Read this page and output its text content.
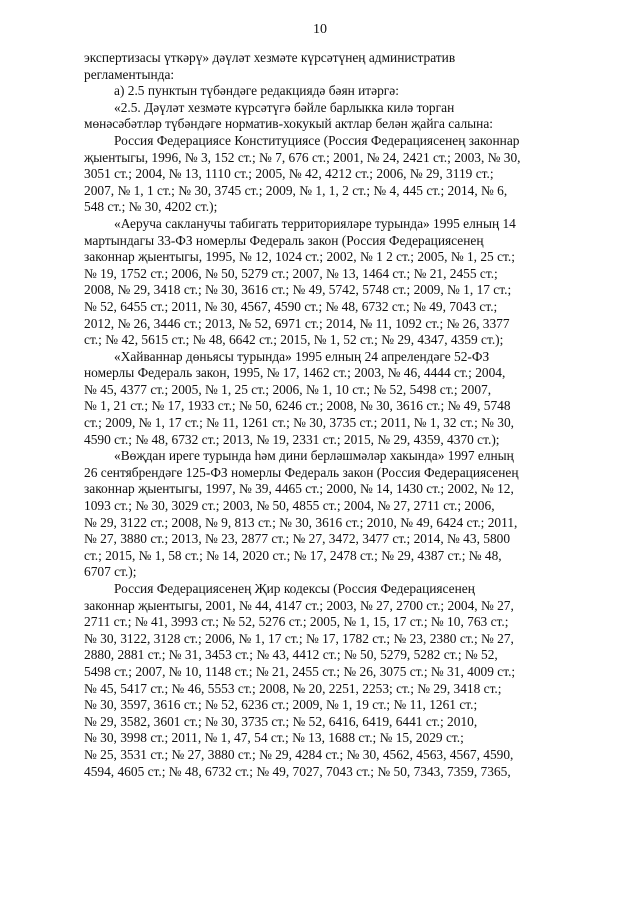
10

экспертизасы үткәрү» дәүләт хезмәте күрсәтүнең административ
регламентында:

а) 2.5 пунктын түбәндәге редакциядә бәян итәргә:

«2.5. Дәүләт хезмәте күрсәтүгә бәйле барлыкка килә торган
мөнәсәбәтләр түбәндәге норматив-хокукый актлар белән җайга салына:

Россия Федерациясе Конституциясе (Россия Федерациясенең законнар
җыентыгы, 1996, № 3, 152 ст.; № 7, 676 ст.; 2001, № 24, 2421 ст.; 2003, № 30,
3051 ст.; 2004, № 13, 1110 ст.; 2005, № 42, 4212 ст.; 2006, № 29, 3119 ст.;
2007, № 1, 1 ст.; № 30, 3745 ст.; 2009, № 1, 1, 2 ст.; № 4, 445 ст.; 2014, № 6,
548 ст.; № 30, 4202 ст.);

«Аеруча сакланучы табигать территорияләре турында» 1995 елның 14
мартындагы 33-ФЗ номерлы Федераль закон (Россия Федерациясенең
законнар җыентыгы, 1995, № 12, 1024 ст.; 2002, № 1 2 ст.; 2005, № 1, 25 ст.;
№ 19, 1752 ст.; 2006, № 50, 5279 ст.; 2007, № 13, 1464 ст.; № 21, 2455 ст.;
2008, № 29, 3418 ст.; № 30, 3616 ст.; № 49, 5742, 5748 ст.; 2009, № 1, 17 ст.;
№ 52, 6455 ст.; 2011, № 30, 4567, 4590 ст.; № 48, 6732 ст.; № 49, 7043 ст.;
2012, № 26, 3446 ст.; 2013, № 52, 6971 ст.; 2014, № 11, 1092 ст.; № 26, 3377
ст.; № 42, 5615 ст.; № 48, 6642 ст.; 2015, № 1, 52 ст.; № 29, 4347, 4359 ст.);

«Хайваннар дөньясы турында» 1995 елның 24 апрелендәге 52-ФЗ
номерлы Федераль закон, 1995, № 17, 1462 ст.; 2003, № 46, 4444 ст.; 2004,
№ 45, 4377 ст.; 2005, № 1, 25 ст.; 2006, № 1, 10 ст.; № 52, 5498 ст.; 2007,
№ 1, 21 ст.; № 17, 1933 ст.; № 50, 6246 ст.; 2008, № 30, 3616 ст.; № 49, 5748
ст.; 2009, № 1, 17 ст.; № 11, 1261 ст.; № 30, 3735 ст.; 2011, № 1, 32 ст.; № 30,
4590 ст.; № 48, 6732 ст.; 2013, № 19, 2331 ст.; 2015, № 29, 4359, 4370 ст.);

«Вөҗдан иреге турында һәм дини берләшмәләр хакында» 1997 елның
26 сентябрендәге 125-ФЗ номерлы Федераль закон (Россия Федерациясенең
законнар җыентыгы, 1997, № 39, 4465 ст.; 2000, № 14, 1430 ст.; 2002, № 12,
1093 ст.; № 30, 3029 ст.; 2003, № 50, 4855 ст.; 2004, № 27, 2711 ст.; 2006,
№ 29, 3122 ст.; 2008, № 9, 813 ст.; № 30, 3616 ст.; 2010, № 49, 6424 ст.; 2011,
№ 27, 3880 ст.; 2013, № 23, 2877 ст.; № 27, 3472, 3477 ст.; 2014, № 43, 5800
ст.; 2015, № 1, 58 ст.; № 14, 2020 ст.; № 17, 2478 ст.; № 29, 4387 ст.; № 48,
6707 ст.);

Россия Федерациясенең Җир кодексы (Россия Федерациясенең
законнар җыентыгы, 2001, № 44, 4147 ст.; 2003, № 27, 2700 ст.; 2004, № 27,
2711 ст.; № 41, 3993 ст.; № 52, 5276 ст.; 2005, № 1, 15, 17 ст.; № 10, 763 ст.;
№ 30, 3122, 3128 ст.; 2006, № 1, 17 ст.; № 17, 1782 ст.; № 23, 2380 ст.; № 27,
2880, 2881 ст.; № 31, 3453 ст.; № 43, 4412 ст.; № 50, 5279, 5282 ст.; № 52,
5498 ст.; 2007, № 10, 1148 ст.; № 21, 2455 ст.; № 26, 3075 ст.; № 31, 4009 ст.;
№ 45, 5417 ст.; № 46, 5553 ст.; 2008, № 20, 2251, 2253; ст.; № 29, 3418 ст.;
№ 30, 3597, 3616 ст.; № 52, 6236 ст.; 2009, № 1, 19 ст.; № 11, 1261 ст.;
№ 29, 3582, 3601 ст.; № 30, 3735 ст.; № 52, 6416, 6419, 6441 ст.; 2010,
№ 30, 3998 ст.; 2011, № 1, 47, 54 ст.; № 13, 1688 ст.; № 15, 2029 ст.;
№ 25, 3531 ст.; № 27, 3880 ст.; № 29, 4284 ст.; № 30, 4562, 4563, 4567, 4590,
4594, 4605 ст.; № 48, 6732 ст.; № 49, 7027, 7043 ст.; № 50, 7343, 7359, 7365,
